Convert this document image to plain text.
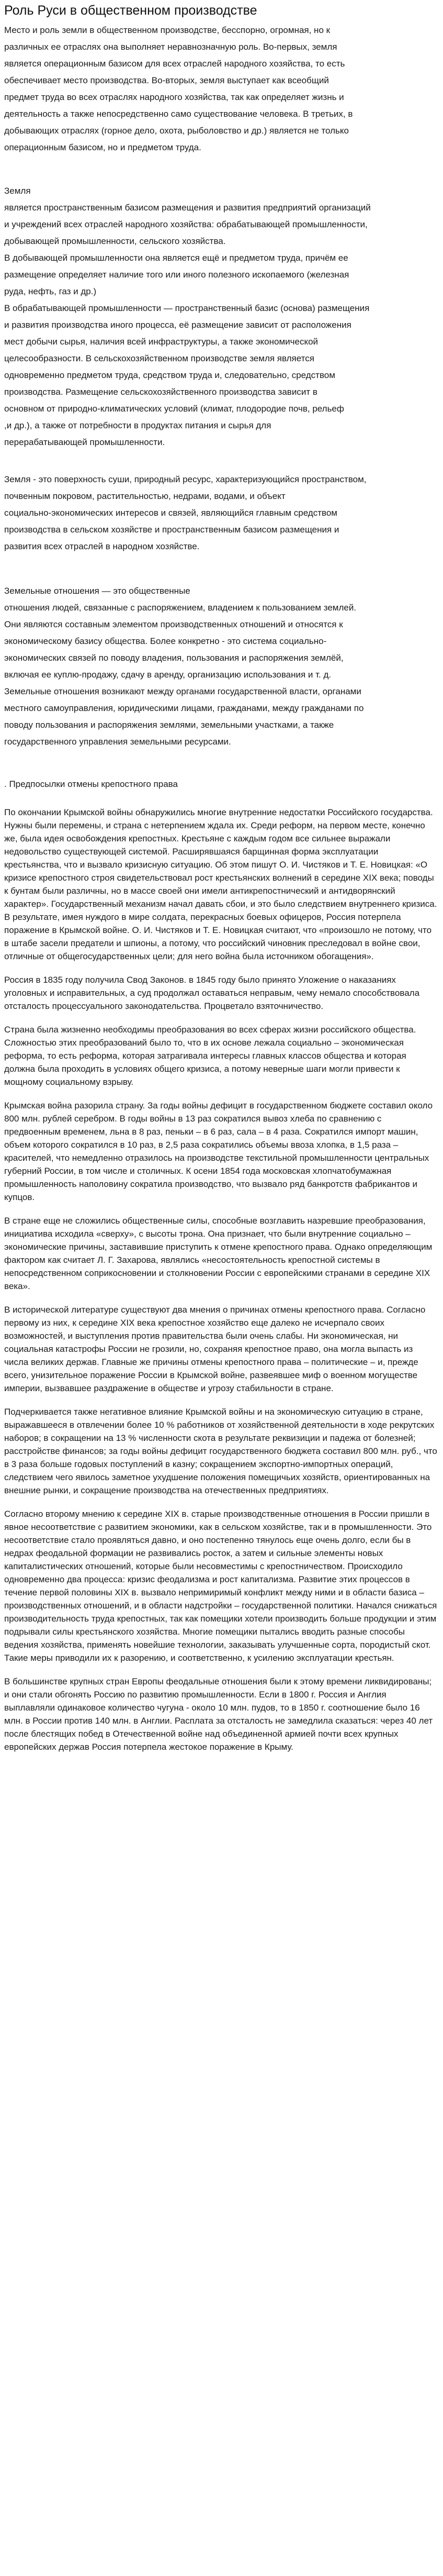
Роль Руси в общественном производстве

Место и роль земли в общественном производстве, бесспорно, огромная, но к

различных ее отраслях она выполняет неравнозначную роль. Во-первых, земля

является операционным базисом для всех отраслей народного хозяйства, то есть

обеспечивает место производства. Во-вторых, земля выступает как всеобщий

предмет труда во всех отраслях народного хозяйства, так как определяет жизнь и

деятельность а также непосредственно само существование человека. В третьих, в

добывающих отраслях (горное дело, охота, рыболовство и др.) является не только

операционным базисом, но и предметом труда.

Земля

является пространственным базисом размещения и развития предприятий организаций

и учреждений всех отраслей народного хозяйства: обрабатывающей промышленности,

добывающей промышленности, сельского хозяйства.

В добывающей промышленности она является ещё и предметом труда, причём ее

размещение определяет наличие того или иного полезного ископаемого (железная

руда, нефть, газ и др.)

В обрабатывающей промышленности — пространственный базис (основа) размещения

и развития производства иного процесса, её размещение зависит от расположения

мест добычи сырья, наличия всей инфраструктуры, а также экономической

целесообразности. В сельскохозяйственном производстве земля является

одновременно предметом труда, средством труда и, следовательно, средством

производства. Размещение сельскохозяйственного производства зависит в

основном от природно-климатических условий (климат, плодородие почв, рельеф

,и др.), а также от потребности в продуктах питания и сырья для

перерабатывающей промышленности.

Земля - это поверхность суши, природный ресурс, характеризующийся пространством,

почвенным покровом, растительностью, недрами, водами, и объект

социально-экономических интересов и связей, являющийся главным средством

производства в сельском хозяйстве и пространственным базисом размещения и

развития всех отраслей в народном хозяйстве.

Земельные отношения — это общественные

отношения людей, связанные с распоряжением, владением к пользованием землей.

Они являются составным элементом производственных отношений и относятся к

экономическому базису общества. Более конкретно - это система социально-

экономических связей по поводу владения, пользования и распоряжения землёй,

включая ее куплю-продажу, сдачу в аренду, организацию использования и т. д.

Земельные отношения возникают между органами государственной власти, органами

местного самоуправления, юридическими лицами, гражданами, между гражданами по

поводу пользования и распоряжения землями, земельными участками, а также

государственного управления земельными ресурсами.

. Предпосылки отмены крепостного права

По окончании Крымской войны обнаружились многие внутренние недостатки Российского государства. Нужны были перемены, и страна с нетерпением ждала их. Среди реформ, на первом месте, конечно же, была идея освобождения крепостных. Крестьяне с каждым годом все сильнее выражали недовольство существующей системой. Расширявшаяся барщинная форма эксплуатации крестьянства, что и вызвало кризисную ситуацию. Об этом пишут О. И. Чистяков и Т. Е. Новицкая: «О кризисе крепостного строя свидетельствовал рост крестьянских волнений в середине XIX века; поводы к бунтам были различны, но в массе своей они имели антикрепостнический и антидворянский характер». Государственный механизм начал давать сбои, и это было следствием внутреннего кризиса. В результате, имея нуждого в мире солдата, перекрасных боевых офицеров, Россия потерпела поражение в Крымской войне. О. И. Чистяков и Т. Е. Новицкая считают, что «произошло не потому, что в штабе засели предатели и шпионы, а потому, что российский чиновник преследовал в войне свои, отличные от общегосударственных цели; для него война была источником обогащения».

Россия в 1835 году получила Свод Законов. в 1845 году было принято Уложение о наказаниях уголовных и исправительных, а суд продолжал оставаться неправым, чему немало способствовала отсталость процессуального законодательства. Процветало взяточничество.

Страна была жизненно необходимы преобразования во всех сферах жизни российского общества. Сложностью этих преобразований было то, что в их основе лежала социально – экономическая реформа, то есть реформа, которая затрагивала интересы главных классов общества и которая должна была проходить в условиях общего кризиса, а потому неверные шаги могли привести к мощному социальному взрыву.

Крымская война разорила страну. За годы войны дефицит в государственном бюджете составил около 800 млн. рублей серебром. В годы войны в 13 раз сократился вывоз хлеба по сравнению с предвоенным временем, льна в 8 раз, пеньки – в 6 раз, сала – в 4 раза. Сократился импорт машин, объем которого сократился в 10 раз, в 2,5 раза сократились объемы ввоза хлопка, в 1,5 раза – красителей, что немедленно отразилось на производстве текстильной промышленности центральных губерний России, в том числе и столичных. К осени 1854 года московская хлопчатобумажная промышленность наполовину сократила производство, что вызвало ряд банкротств фабрикантов и купцов.

В стране еще не сложились общественные силы, способные возглавить назревшие преобразования, инициатива исходила «сверху», с высоты трона. Она признает, что были внутренние социально – экономические причины, заставившие приступить к отмене крепостного права. Однако определяющим фактором как считает Л. Г. Захарова, являлись «несостоятельность крепостной системы в непосредственном соприкосновении и столкновении России с европейскими странами в середине XIX века».

В исторической литературе существуют два мнения о причинах отмены крепостного права. Согласно первому из них, к середине XIX века крепостное хозяйство еще далеко не исчерпало своих возможностей, и выступления против правительства были очень слабы. Ни экономическая, ни социальная катастрофы России не грозили, но, сохраняя крепостное право, она могла выпасть из числа великих держав. Главные же причины отмены крепостного права – политические – и, прежде всего, унизительное поражение России в Крымской войне, развеявшее миф о военном могуществе империи, вызвавшее раздражение в обществе и угрозу стабильности в стране.

Подчеркивается также негативное влияние Крымской войны и на экономическую ситуацию в стране, выражавшееся в отвлечении более 10 % работников от хозяйственной деятельности в ходе рекрутских наборов; в сокращении на 13 % численности скота в результате реквизиции и падежа от болезней; расстройстве финансов; за годы войны дефицит государственного бюджета составил 800 млн. руб., что в 3 раза больше годовых поступлений в казну; сокращением экспортно-импортных операций, следствием чего явилось заметное ухудшение положения помещичьих хозяйств, ориентированных на внешние рынки, и сокращение производства на отечественных предприятиях.

Согласно второму мнению к середине XIX в. старые производственные отношения в России пришли в явное несоответствие с развитием экономики, как в сельском хозяйстве, так и в промышленности. Это несоответствие стало проявляться давно, и оно постепенно тянулось еще очень долго, если бы в недрах феодальной формации не развивались росток, а затем и сильные элементы новых капиталистических отношений, которые были несовместимы с крепостничеством. Происходило одновременно два процесса: кризис феодализма и рост капитализма. Развитие этих процессов в течение первой половины XIX в. вызвало непримиримый конфликт между ними и в области базиса – производственных отношений, и в области надстройки – государственной политики. Начался снижаться производительность труда крепостных, так как помещики хотели производить больше продукции и этим подрывали силы крестьянского хозяйства. Многие помещики пытались вводить разные способы ведения хозяйства, применять новейшие технологии, заказывать улучшенные сорта, породистый скот. Такие меры приводили их к разорению, и соответственно, к усилению эксплуатации крестьян.

В большинстве крупных стран Европы феодальные отношения были к этому времени ликвидированы; и они стали обгонять Россию по развитию промышленности. Если в 1800 г. Россия и Англия выплавляли одинаковое количество чугуна - около 10 млн. пудов, то в 1850 г. соотношение было 16 млн. в России против 140 млн. в Англии. Расплата за отсталость не замедлила сказаться: через 40 лет после блестящих побед в Отечественной войне над объединенной армией почти всех крупных европейских держав Россия потерпела жестокое поражение в Крыму.
